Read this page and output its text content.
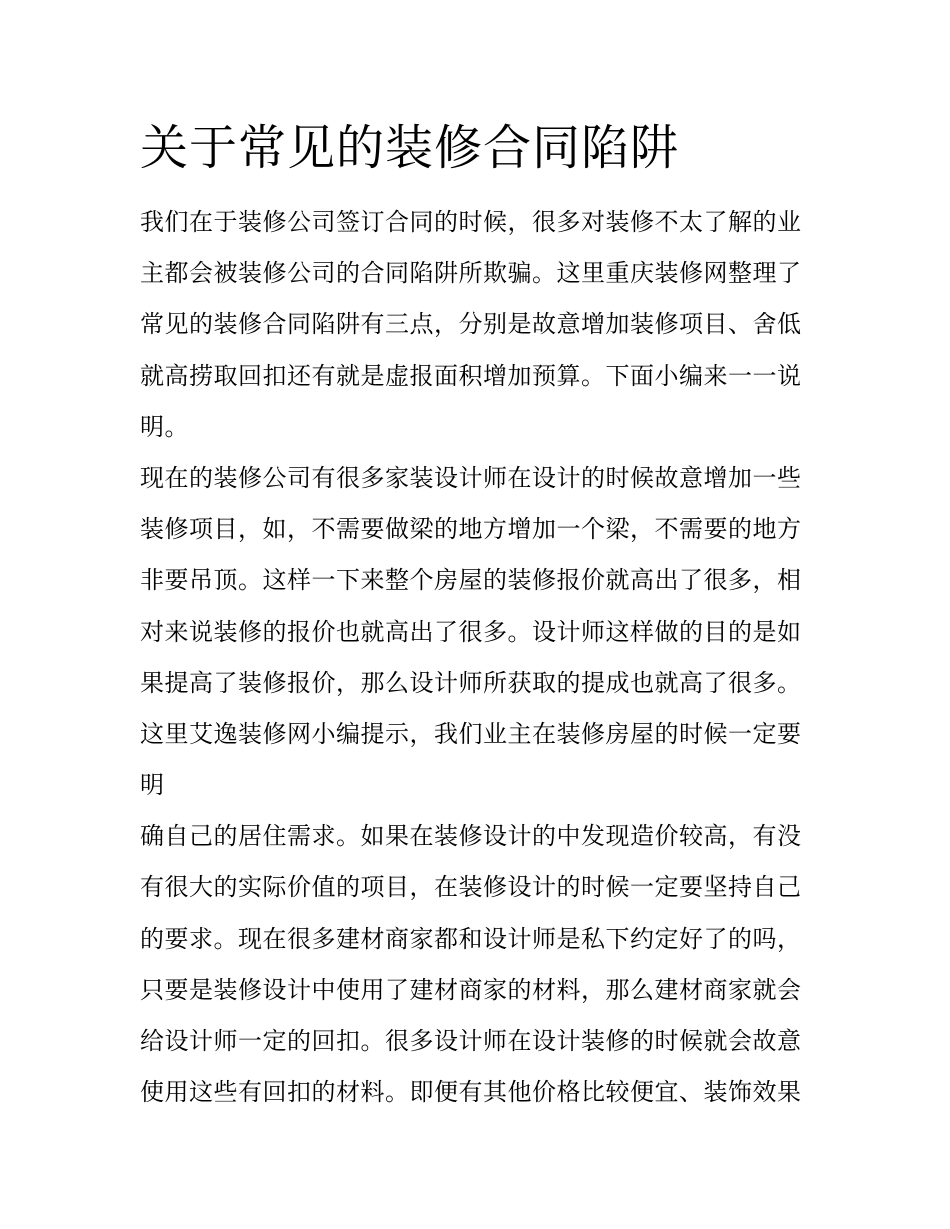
关于常见的装修合同陷阱
我们在于装修公司签订合同的时候，很多对装修不太了解的业
主都会被装修公司的合同陷阱所欺骗。这里重庆装修网整理了
常见的装修合同陷阱有三点，分别是故意增加装修项目、舍低
就高捞取回扣还有就是虚报面积增加预算。下面小编来一一说
明。
现在的装修公司有很多家装设计师在设计的时候故意增加一些
装修项目，如，不需要做梁的地方增加一个梁，不需要的地方
非要吊顶。这样一下来整个房屋的装修报价就高出了很多，相
对来说装修的报价也就高出了很多。设计师这样做的目的是如
果提高了装修报价，那么设计师所获取的提成也就高了很多。
这里艾逸装修网小编提示，我们业主在装修房屋的时候一定要
明
确自己的居住需求。如果在装修设计的中发现造价较高，有没
有很大的实际价值的项目，在装修设计的时候一定要坚持自己
的要求。现在很多建材商家都和设计师是私下约定好了的吗，
只要是装修设计中使用了建材商家的材料，那么建材商家就会
给设计师一定的回扣。很多设计师在设计装修的时候就会故意
使用这些有回扣的材料。即便有其他价格比较便宜、装饰效果
